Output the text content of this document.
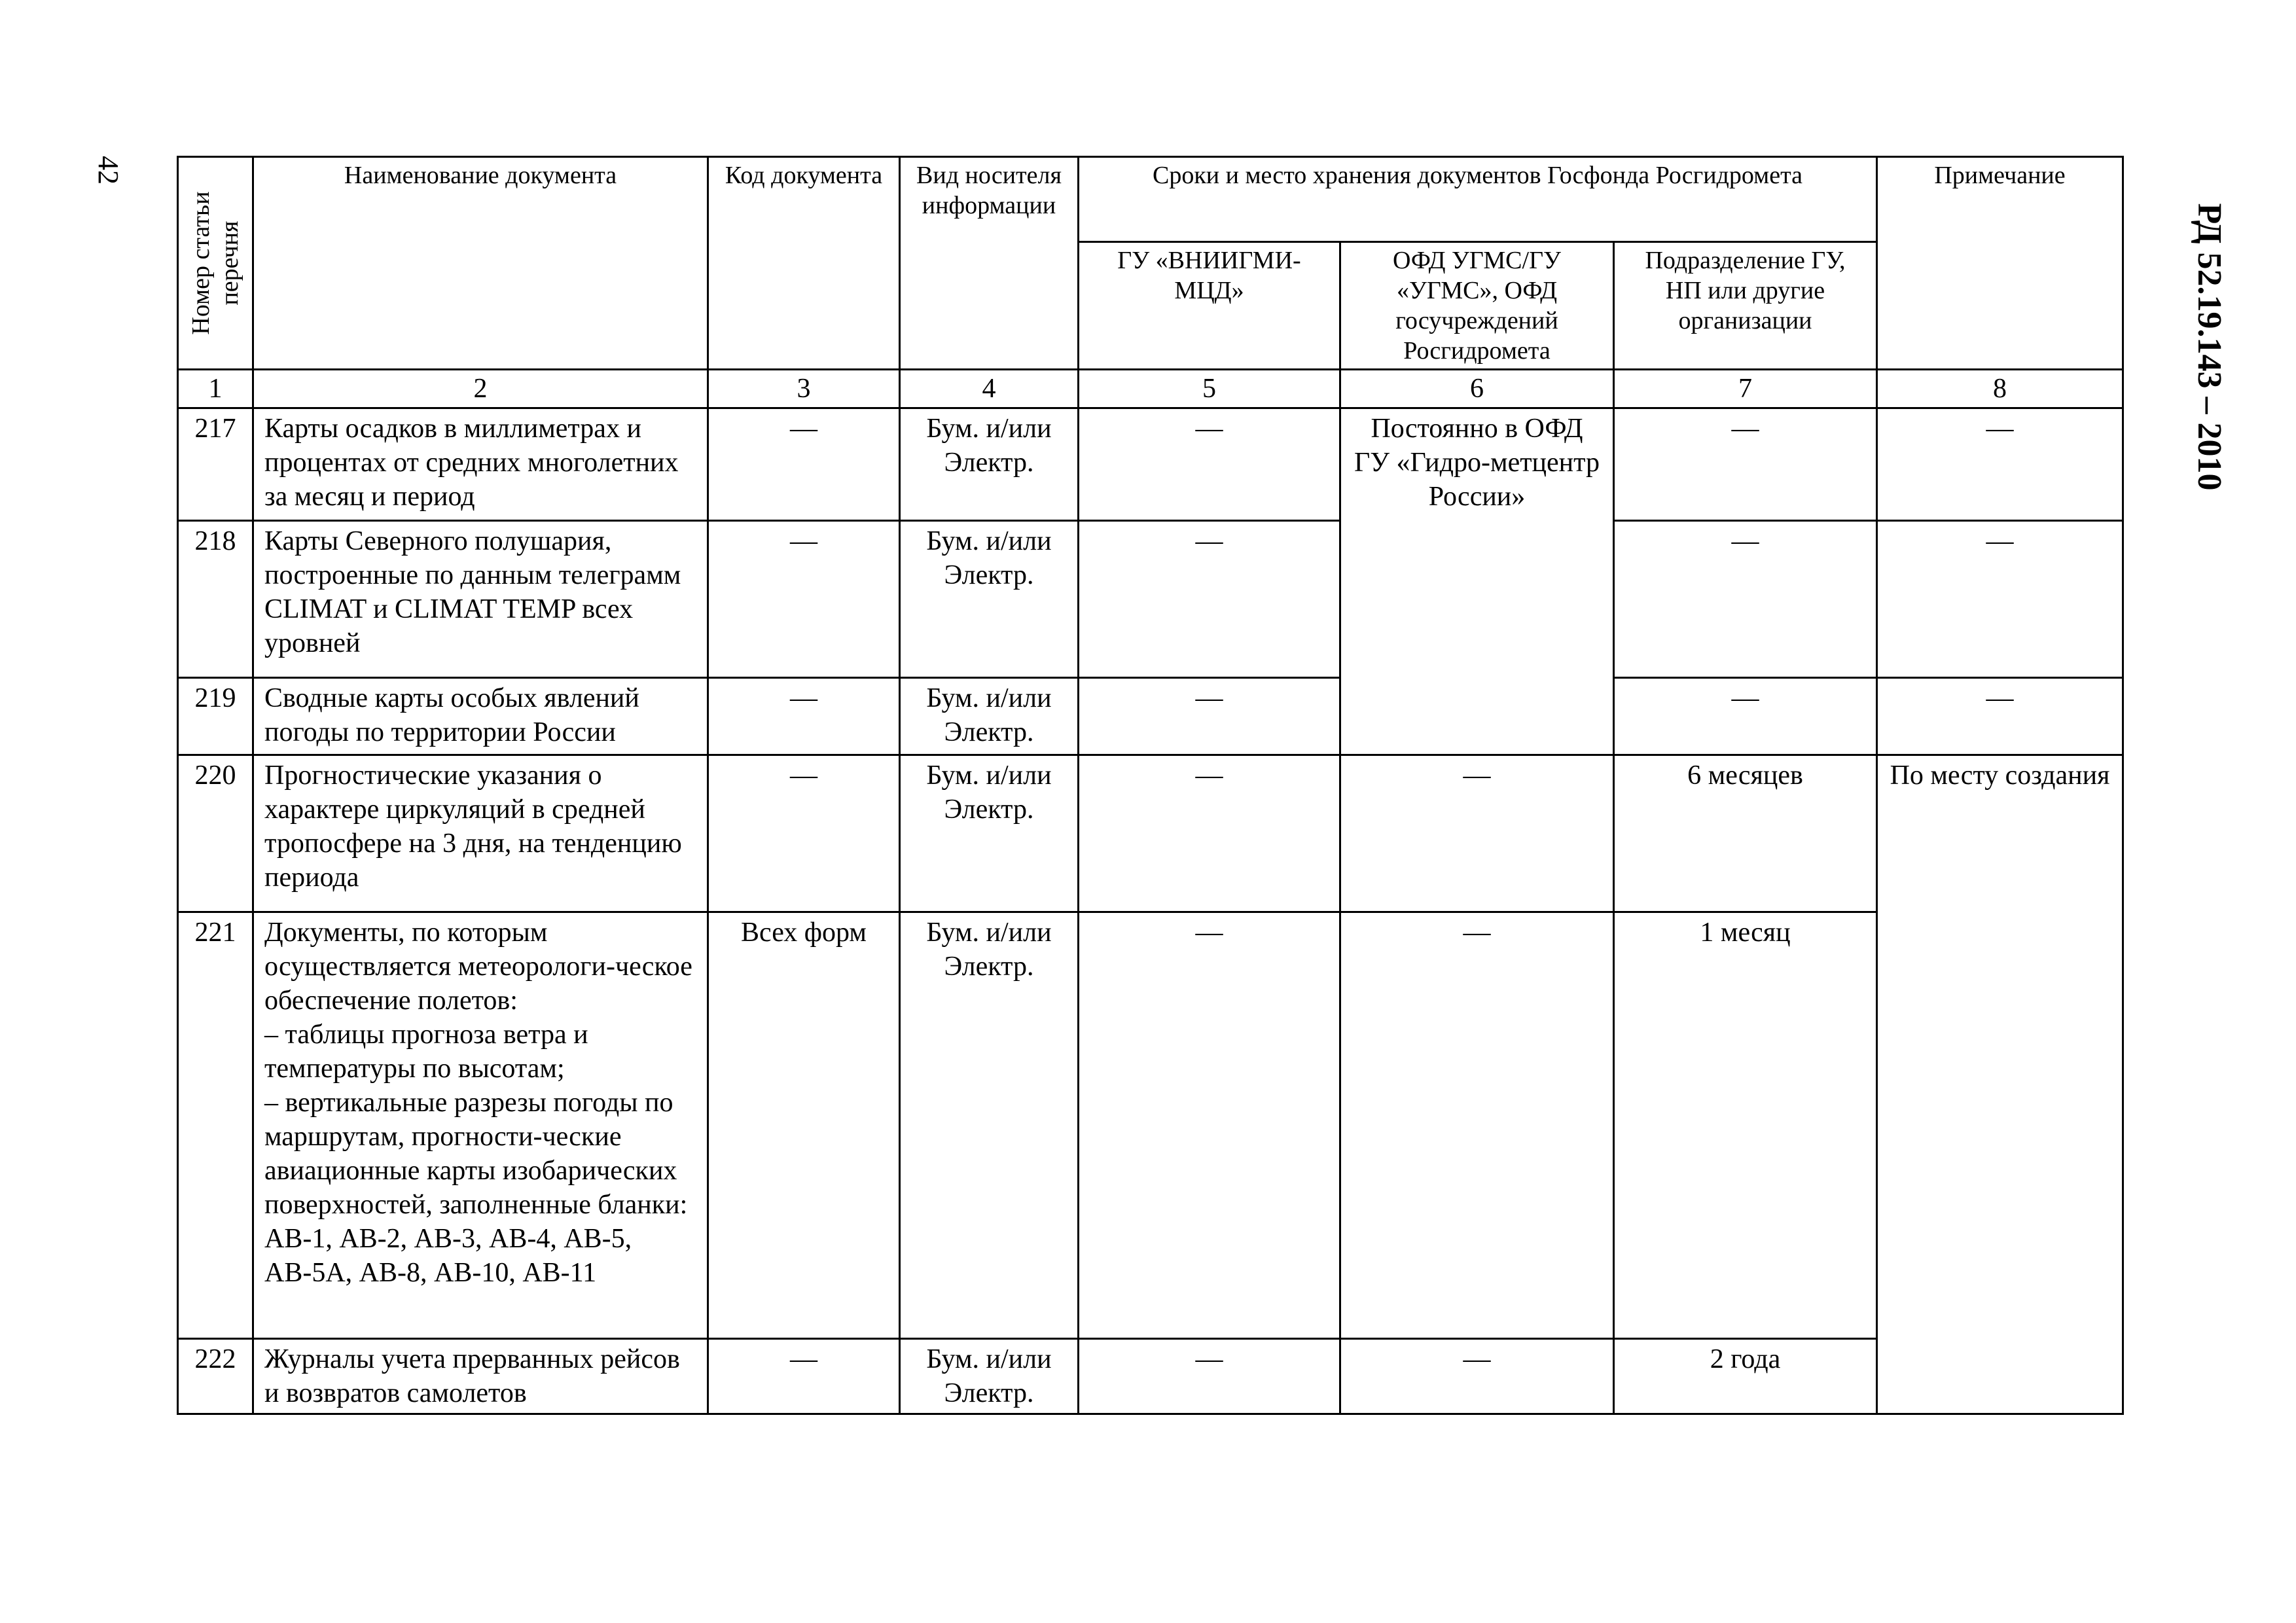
42
РД 52.19.143 – 2010
Номер статьи перечня	Наименование документа	Код документа	Вид носителя информации	Сроки и место хранения документов Госфонда Росгидромета			Примечание
				ГУ «ВНИИГМИ-МЦД»	ОФД УГМС/ГУ «УГМС», ОФД госучреждений Росгидромета	Подразделение ГУ, НП или другие организации	
1	2	3	4	5	6	7	8
217	Карты осадков в миллиметрах и процентах от средних многолетних за месяц и период	—	Бум. и/или Электр.	—	Постоянно в ОФД ГУ «Гидро-метцентр России»	—	—
218	Карты Северного полушария, построенные по данным телеграмм CLIMAT и CLIMAT TEMP всех уровней	—	Бум. и/или Электр.	—		—	—
219	Сводные карты особых явлений погоды по территории России	—	Бум. и/или Электр.	—		—	—
220	Прогностические указания о характере циркуляций в средней тропосфере на 3 дня, на тенденцию периода	—	Бум. и/или Электр.	—	—	6 месяцев	По месту создания
221	Документы, по которым осуществляется метеорологи-ческое обеспечение полетов:
– таблицы прогноза ветра и температуры по высотам;
– вертикальные разрезы погоды по маршрутам, прогности-ческие авиационные карты изобарических поверхностей, заполненные бланки: АВ-1, АВ-2, АВ-3, АВ-4, АВ-5, АВ-5А, АВ-8, АВ-10, АВ-11	Всех форм	Бум. и/или Электр.	—	—	1 месяц	
222	Журналы учета прерванных рейсов и возвратов самолетов	—	Бум. и/или Электр.	—	—	2 года	
